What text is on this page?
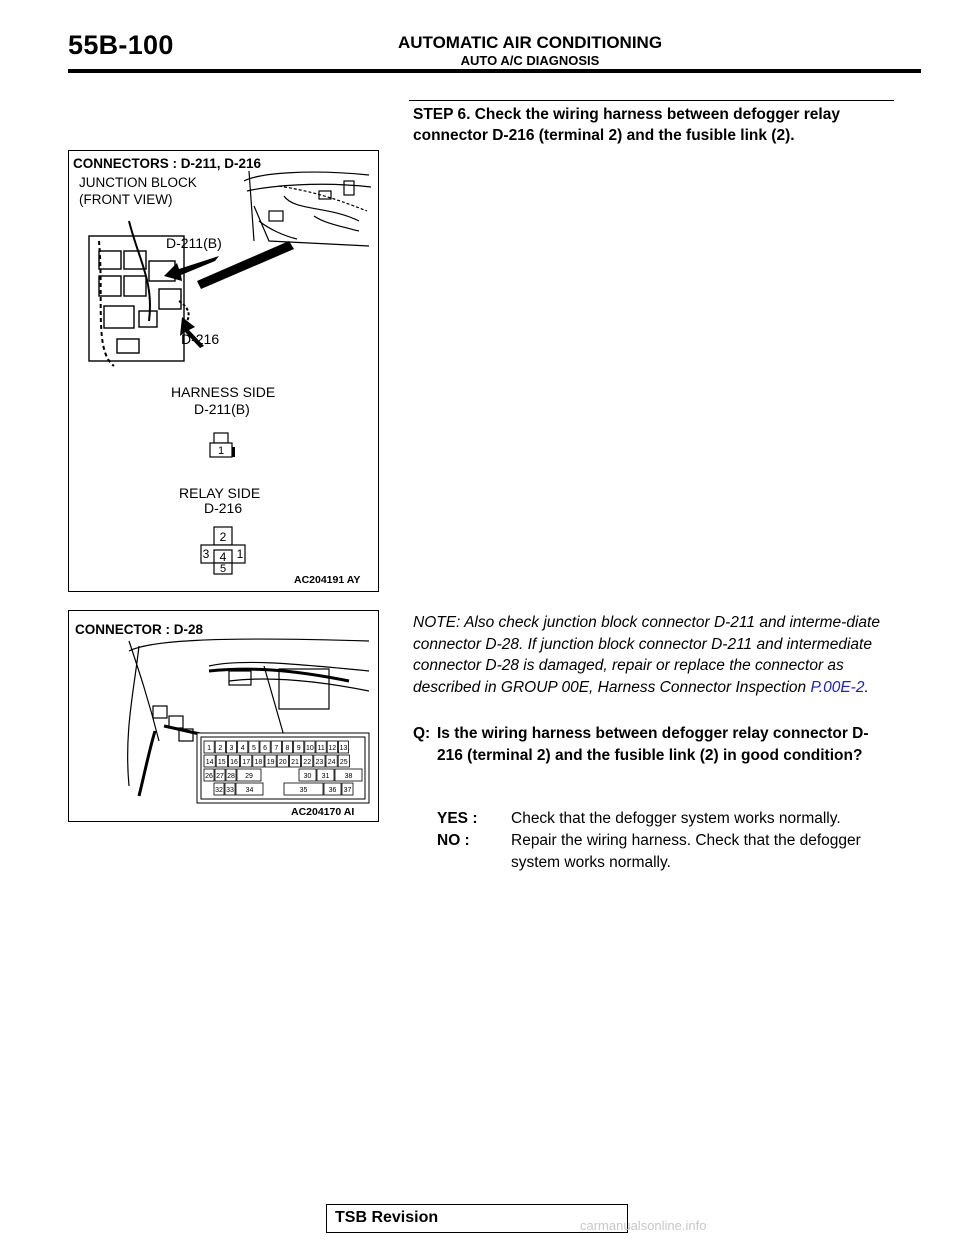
55B-100	AUTOMATIC AIR CONDITIONING
AUTO A/C DIAGNOSIS
STEP 6. Check the wiring harness between defogger relay connector D-216 (terminal 2) and the fusible link (2).
CONNECTORS : D-211, D-216
JUNCTION BLOCK
(FRONT VIEW)
D-211(B)
D-216
HARNESS SIDE
D-211(B)
1
RELAY SIDE
D-216
2
3 4 1
5
AC204191 AY
CONNECTOR : D-28
1 2 3 4 5 6 7 8 9 10 11 12 13
14 15 16 17 18 19 20 21 22 23 24 25
26 27 28 29	30 31 38
32 33 34	35	36 37
AC204170 AI
NOTE: Also check junction block connector D-211 and interme-diate connector D-28. If junction block connector D-211 and intermediate connector D-28 is damaged, repair or replace the connector as described in GROUP 00E, Harness Connector Inspection P.00E-2.
Q: Is the wiring harness between defogger relay connector D-216 (terminal 2) and the fusible link (2) in good condition?
YES : Check that the defogger system works normally.
NO :	Repair the wiring harness. Check that the defogger system works normally.
TSB Revision	carmanualsonline.info
